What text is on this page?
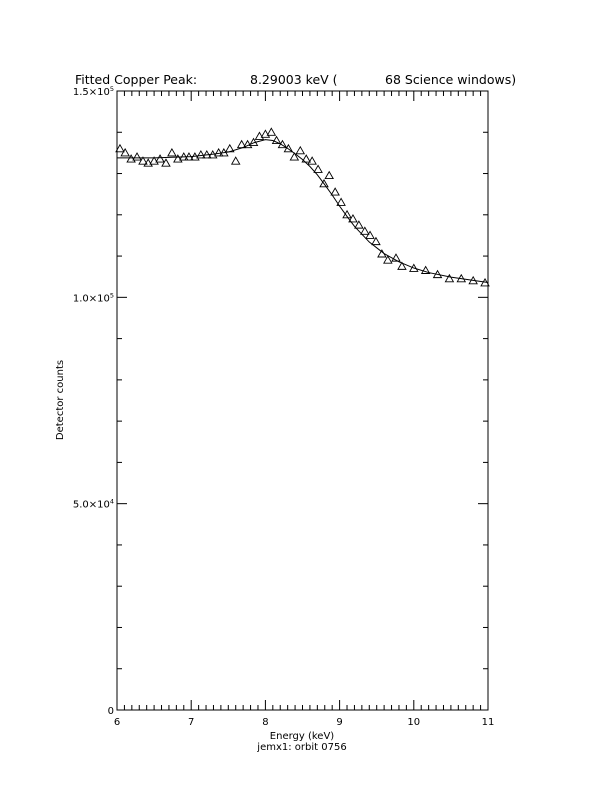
Fitted Copper Peak:	8.29003 keV (	68 Science windows)
6	7	8	9	10	11
0
$5.0\times 10^4$
$1.0\times 10^5$
$1.5\times 10^5$
Energy (keV)
jemx1: orbit 0756
Detector counts
